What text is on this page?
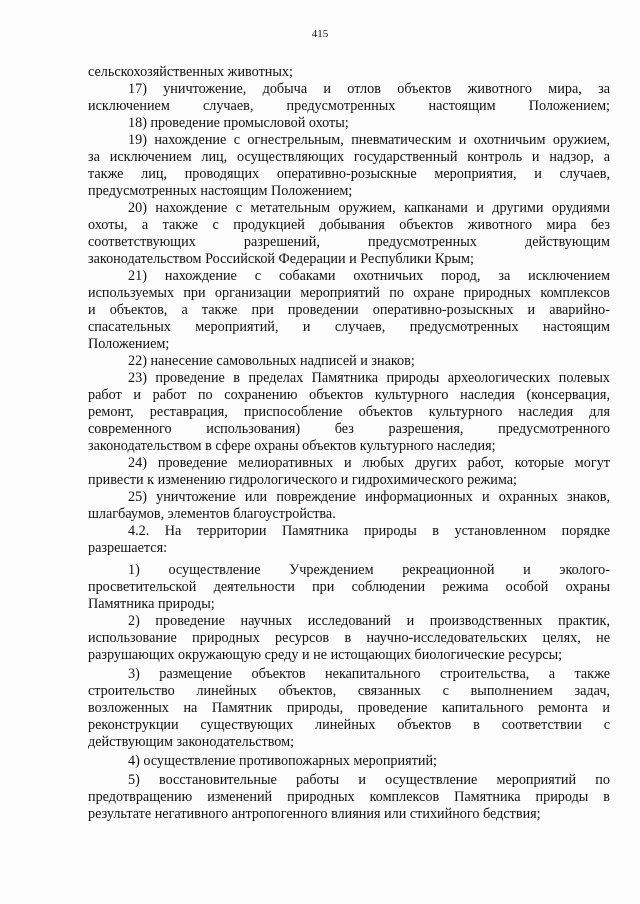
415
сельскохозяйственных животных;
17) уничтожение, добыча и отлов объектов животного мира, за
исключением случаев, предусмотренных настоящим Положением;
18) проведение промысловой охоты;
19) нахождение с огнестрельным, пневматическим и охотничьим оружием,
за исключением лиц, осуществляющих государственный контроль и надзор, а
также лиц, проводящих оперативно-розыскные мероприятия, и случаев,
предусмотренных настоящим Положением;
20) нахождение с метательным оружием, капканами и другими орудиями
охоты, а также с продукцией добывания объектов животного мира без
соответствующих разрешений, предусмотренных действующим
законодательством Российской Федерации и Республики Крым;
21) нахождение с собаками охотничьих пород, за исключением
используемых при организации мероприятий по охране природных комплексов
и объектов, а также при проведении оперативно-розыскных и аварийно-
спасательных мероприятий, и случаев, предусмотренных настоящим
Положением;
22) нанесение самовольных надписей и знаков;
23) проведение в пределах Памятника природы археологических полевых
работ и работ по сохранению объектов культурного наследия (консервация,
ремонт, реставрация, приспособление объектов культурного наследия для
современного использования) без разрешения, предусмотренного
законодательством в сфере охраны объектов культурного наследия;
24) проведение мелиоративных и любых других работ, которые могут
привести к изменению гидрологического и гидрохимического режима;
25) уничтожение или повреждение информационных и охранных знаков,
шлагбаумов, элементов благоустройства.
4.2. На территории Памятника природы в установленном порядке
разрешается:
1) осуществление Учреждением рекреационной и эколого-
просветительской деятельности при соблюдении режима особой охраны
Памятника природы;
2) проведение научных исследований и производственных практик,
использование природных ресурсов в научно-исследовательских целях, не
разрушающих окружающую среду и не истощающих биологические ресурсы;
3) размещение объектов некапитального строительства, а также
строительство линейных объектов, связанных с выполнением задач,
возложенных на Памятник природы, проведение капитального ремонта и
реконструкции существующих линейных объектов в соответствии с
действующим законодательством;
4) осуществление противопожарных мероприятий;
5) восстановительные работы и осуществление мероприятий по
предотвращению изменений природных комплексов Памятника природы в
результате негативного антропогенного влияния или стихийного бедствия;
